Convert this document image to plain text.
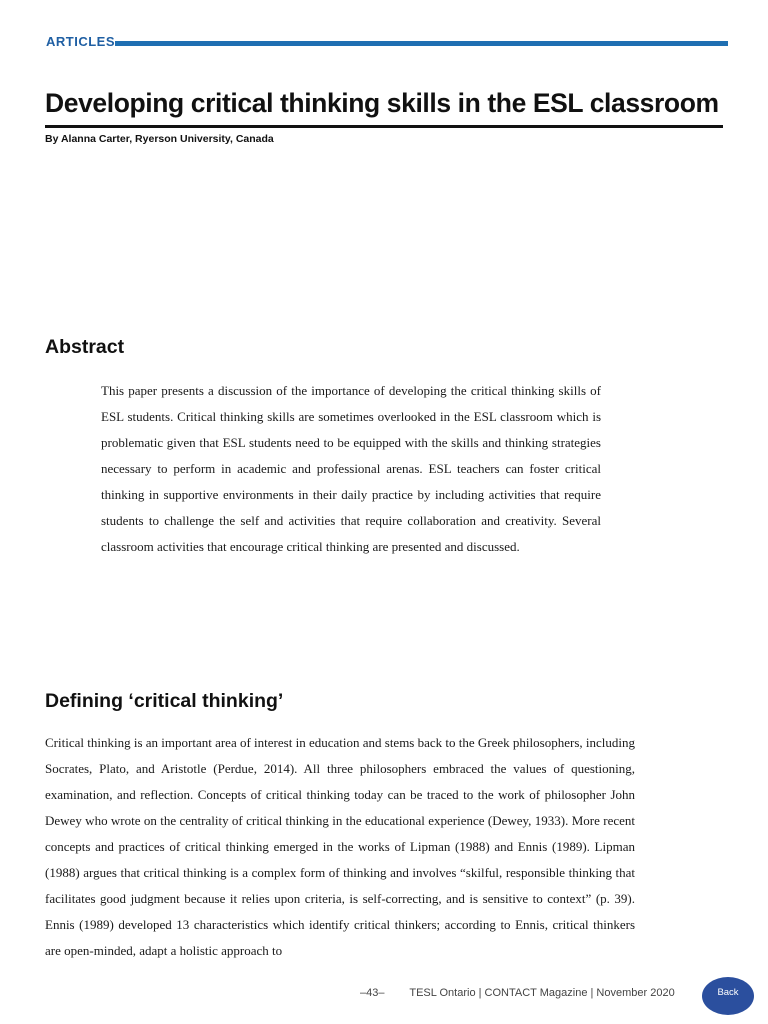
ARTICLES
Developing critical thinking skills in the ESL classroom
By Alanna Carter, Ryerson University, Canada
Abstract

This paper presents a discussion of the importance of developing the critical thinking skills of ESL students. Critical thinking skills are sometimes overlooked in the ESL classroom which is problematic given that ESL students need to be equipped with the skills and thinking strategies necessary to perform in academic and professional arenas. ESL teachers can foster critical thinking in supportive environments in their daily practice by including activities that require students to challenge the self and activities that require collaboration and creativity. Several classroom activities that encourage critical thinking are presented and discussed.

Defining ‘critical thinking’

Critical thinking is an important area of interest in education and stems back to the Greek philosophers, including Socrates, Plato, and Aristotle (Perdue, 2014). All three philosophers embraced the values of questioning, examination, and reflection. Concepts of critical thinking today can be traced to the work of philosopher John Dewey who wrote on the centrality of critical thinking in the educational experience (Dewey, 1933). More recent concepts and practices of critical thinking emerged in the works of Lipman (1988) and Ennis (1989). Lipman (1988) argues that critical thinking is a complex form of thinking and involves “skilful, responsible thinking that facilitates good judgment because it relies upon criteria, is self-correcting, and is sensitive to context” (p. 39). Ennis (1989) developed 13 characteristics which identify critical thinkers; according to Ennis, critical thinkers are open-minded, adapt a holistic approach to

–43– TESL Ontario | CONTACT Magazine | November 2020	Back
